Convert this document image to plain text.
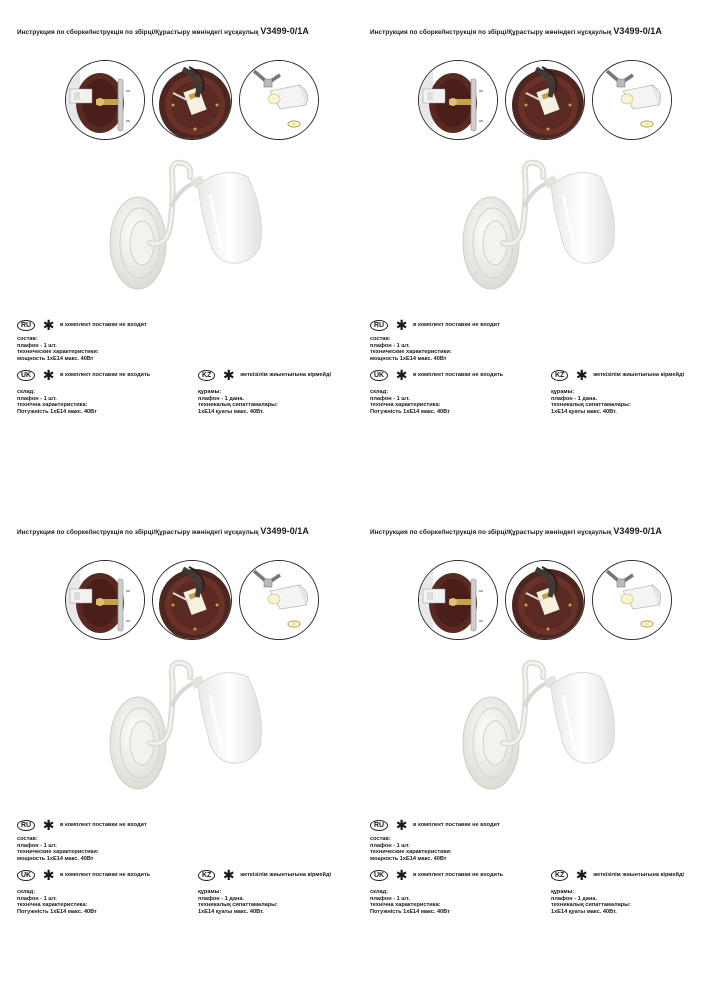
Инструкция по сборке/Інструкція по збірці/Құрастыру жөніндегі нұсқаулық V3499-0/1A
RU ✱ в комплект поставки не входит
состав:
плафон - 1 шт.
технические характеристики:
мощность 1хЕ14 макс. 40Вт
UK ✱ в комплект поставки не входить
склад:
плафон - 1 шт.
технічна характеристика:
Потужність 1хЕ14 макс. 40Вт
KZ ✱ жеткізілім жиынтығына кірмейді
құрамы:
плафон - 1 дана.
техникалық сипаттамалары:
1хЕ14 қуаты макс. 40Вт.
Инструкция по сборке/Інструкція по збірці/Құрастыру жөніндегі нұсқаулық V3499-0/1A
RU ✱ в комплект поставки не входит
состав:
плафон - 1 шт.
технические характеристики:
мощность 1хЕ14 макс. 40Вт
UK ✱ в комплект поставки не входить
склад:
плафон - 1 шт.
технічна характеристика:
Потужність 1хЕ14 макс. 40Вт
KZ ✱ жеткізілім жиынтығына кірмейді
құрамы:
плафон - 1 дана.
техникалық сипаттамалары:
1хЕ14 қуаты макс. 40Вт.
Инструкция по сборке/Інструкція по збірці/Құрастыру жөніндегі нұсқаулық V3499-0/1A
RU ✱ в комплект поставки не входит
состав:
плафон - 1 шт.
технические характеристики:
мощность 1хЕ14 макс. 40Вт
UK ✱ в комплект поставки не входить
склад:
плафон - 1 шт.
технічна характеристика:
Потужність 1хЕ14 макс. 40Вт
KZ ✱ жеткізілім жиынтығына кірмейді
құрамы:
плафон - 1 дана.
техникалық сипаттамалары:
1хЕ14 қуаты макс. 40Вт.
Инструкция по сборке/Інструкція по збірці/Құрастыру жөніндегі нұсқаулық V3499-0/1A
RU ✱ в комплект поставки не входит
состав:
плафон - 1 шт.
технические характеристики:
мощность 1хЕ14 макс. 40Вт
UK ✱ в комплект поставки не входить
склад:
плафон - 1 шт.
технічна характеристика:
Потужність 1хЕ14 макс. 40Вт
KZ ✱ жеткізілім жиынтығына кірмейді
құрамы:
плафон - 1 дана.
техникалық сипаттамалары:
1хЕ14 қуаты макс. 40Вт.
